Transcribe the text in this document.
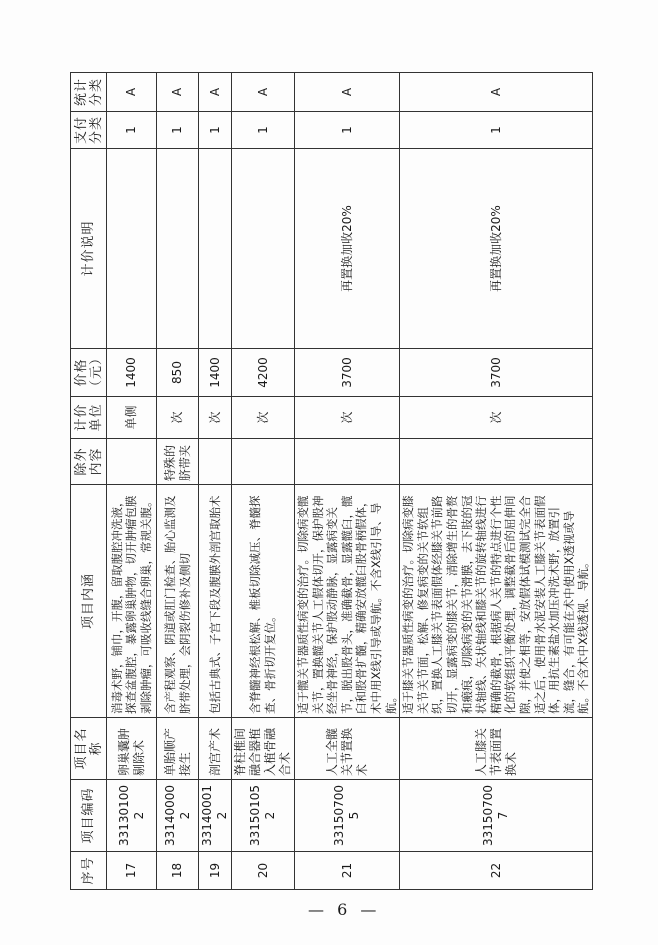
序号	项目编码	项目名称	项目内涵	除外内容	计价单位	价格（元）	计价说明	支付分类	统计分类
17	331301002	卵巢囊肿剔除术	消毒术野，铺巾，开腹，留取腹腔冲洗液，探查盆腹腔，暴露卵巢肿物，切开肿瘤包膜剥除肿瘤，可吸收线缝合卵巢，常规关腹。		单侧	1400		1	A
18	331400002	单胎顺产接生	含产程观察、阴道或肛门检查、胎心监测及脐带处理，会阴裂伤修补及侧切	特殊的脐带夹	次	850		1	A
19	331400012	剖宫产术	包括古典式、子宫下段及腹膜外剖宫取胎术		次	1400		1	A
20	331501052	脊柱椎间融合器植入植骨融合术	含脊髓神经根松解、椎板切除减压、脊髓探查、骨折切开复位。		次	4200		1	A
21	331507005	人工全髋关节置换术	适于髋关节器质性病变的治疗。切除病变髋关节，置换髋关节人工假体切开，保护股神经坐骨神经，保护股动静脉，显露病变关节，脱出股骨头，准确截骨，显露髋臼，髋臼和股骨扩髓，精确安放髋臼股骨柄假体，术中用X线引导或导航。不含X线引导、导航。		次	3700	再置换加收20%	1	A
22	331507007	人工膝关节表面置换术	适于膝关节器质性病变的治疗。切除病变膝关节关节面，松解、修复病变的关节软组织，置换人工膝关节表面假体经膝关节前路切开，显露病变的膝关节，清除增生的骨赘和瘢痕，切除病变的关节滑膜，去下肢的冠状轴线、矢状轴线和膝关节的旋转轴线进行精确的截骨，根据病人关节的特点进行个性化的软组织平衡处理，调整截骨后的屈伸间隙，并使之相等，安放假体试模测试完全合适之后，使用骨水泥安装人工膝关节表面假体，用抗生素盐水加压冲洗术野，放置引流，缝合，有可能在术中使用X透视或导航。不含术中X线透视、导航。		次	3700	再置换加收20%	1	A
— 6 —
